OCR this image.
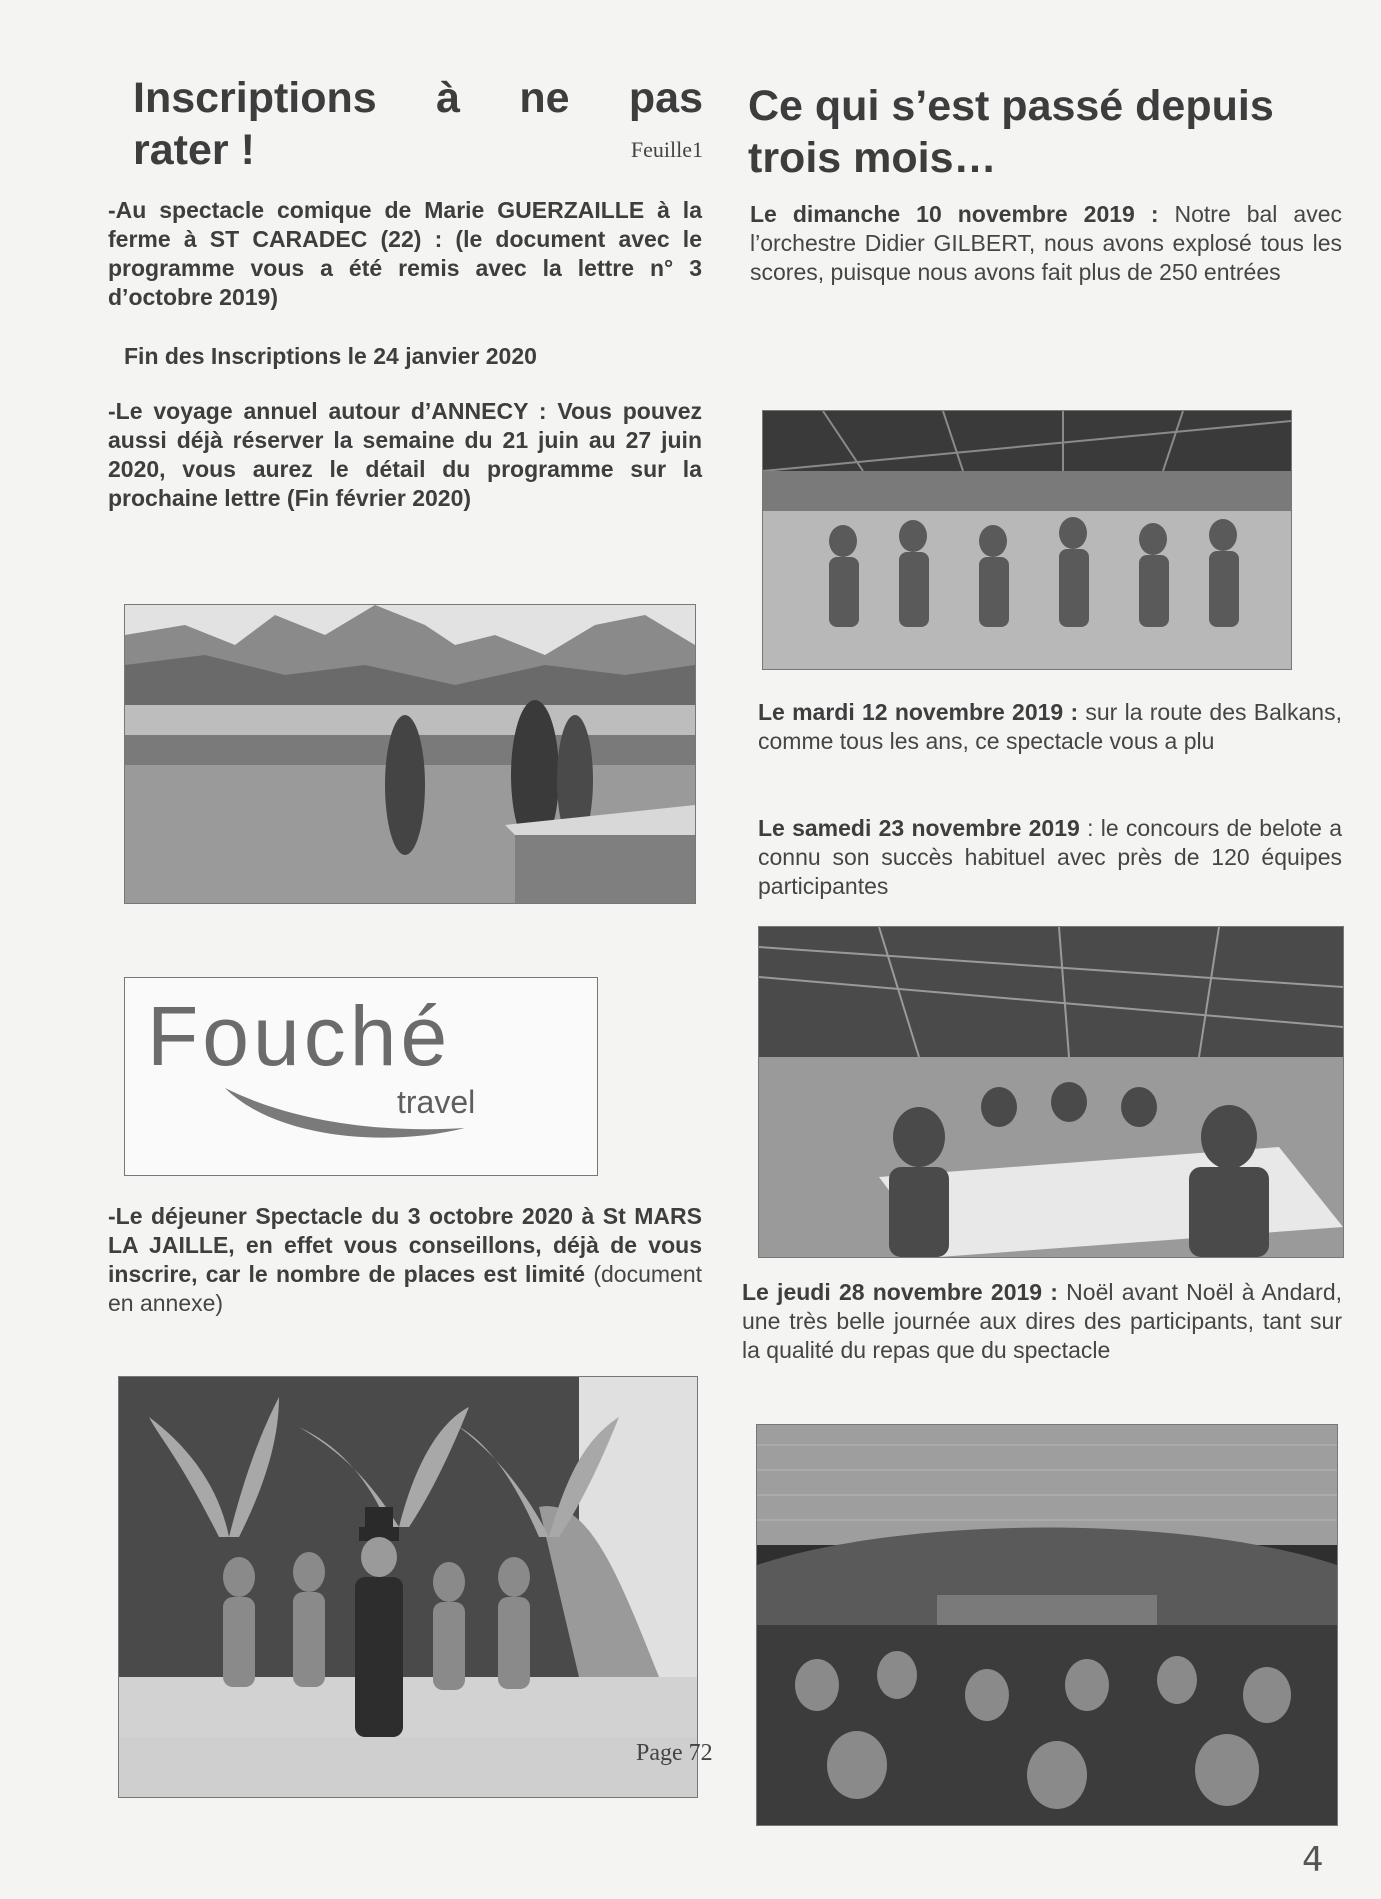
Inscriptions à ne pas
rater !	Feuille1
Ce qui s’est passé depuis
trois mois…
-Au spectacle comique de Marie GUERZAILLE à la ferme à ST CARADEC (22) : (le document avec le programme vous a été remis avec la lettre n° 3 d’octobre 2019)
Fin des Inscriptions le 24 janvier 2020
-Le voyage annuel autour d’ANNECY : Vous pouvez aussi déjà réserver la semaine du 21 juin au 27 juin 2020, vous aurez le détail du programme sur la prochaine lettre (Fin février 2020)
Fouché
travel
-Le déjeuner Spectacle du 3 octobre 2020 à St MARS LA JAILLE, en effet vous conseillons, déjà de vous inscrire, car le nombre de places est limité (document en annexe)
Page 72
Le dimanche 10 novembre 2019 : Notre bal avec l’orchestre Didier GILBERT, nous avons explosé tous les scores, puisque nous avons fait plus de 250 entrées
Le mardi 12 novembre 2019 : sur la route des Balkans, comme tous les ans, ce spectacle vous a plu
Le samedi 23 novembre 2019 : le concours de belote a connu son succès habituel avec près de 120 équipes participantes
Le jeudi 28 novembre 2019 : Noël avant Noël à Andard, une très belle journée aux dires des participants, tant sur la qualité du repas que du spectacle
4
